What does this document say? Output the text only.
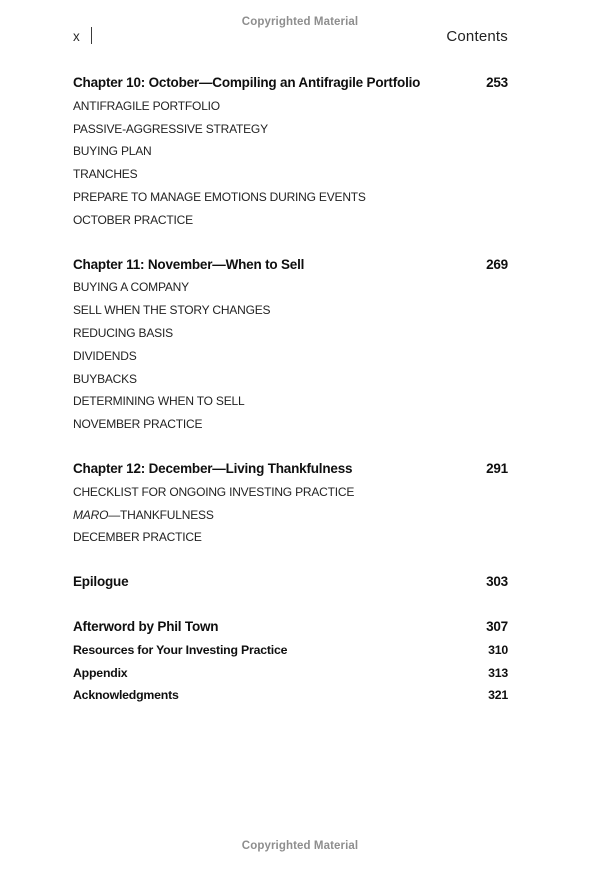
Copyrighted Material
x	Contents
Chapter 10: October—Compiling an Antifragile Portfolio	253
ANTIFRAGILE PORTFOLIO
PASSIVE-AGGRESSIVE STRATEGY
BUYING PLAN
TRANCHES
PREPARE TO MANAGE EMOTIONS DURING EVENTS
OCTOBER PRACTICE
Chapter 11: November—When to Sell	269
BUYING A COMPANY
SELL WHEN THE STORY CHANGES
REDUCING BASIS
DIVIDENDS
BUYBACKS
DETERMINING WHEN TO SELL
NOVEMBER PRACTICE
Chapter 12: December—Living Thankfulness	291
CHECKLIST FOR ONGOING INVESTING PRACTICE
MARO —THANKFULNESS
DECEMBER PRACTICE
Epilogue	303
Afterword by Phil Town	307
Resources for Your Investing Practice	310
Appendix	313
Acknowledgments	321
Copyrighted Material
